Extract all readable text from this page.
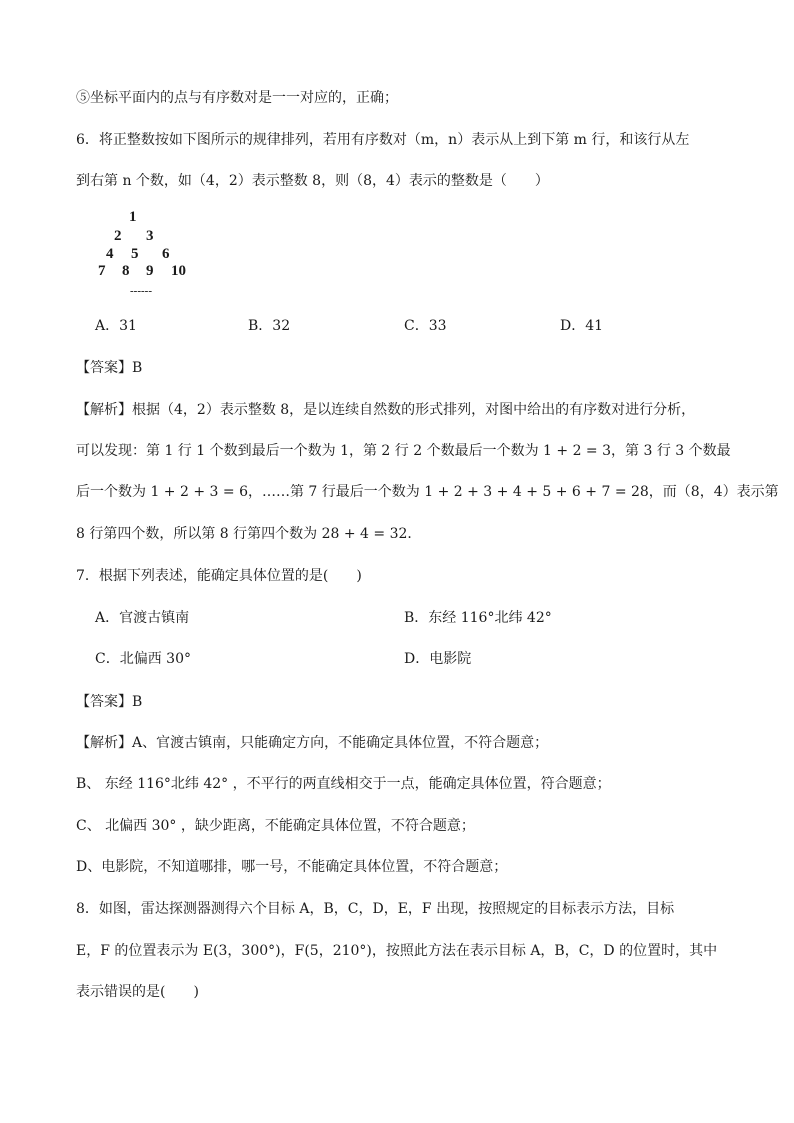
⑤坐标平面内的点与有序数对是一一对应的，正确；
6．将正整数按如下图所示的规律排列，若用有序数对（m，n）表示从上到下第 m 行，和该行从左
到右第 n 个数，如（4，2）表示整数 8，则（8，4）表示的整数是（　　）
1
2 3
4 5 6
7 8 9 10
------
A．31	B．32	C．33	D．41
【答案】B
【解析】根据（4，2）表示整数 8，是以连续自然数的形式排列，对图中给出的有序数对进行分析，
可以发现：第 1 行 1 个数到最后一个数为 1，第 2 行 2 个数最后一个数为 1 + 2 = 3，第 3 行 3 个数最
后一个数为 1 + 2 + 3 = 6，……第 7 行最后一个数为 1 + 2 + 3 + 4 + 5 + 6 + 7 = 28，而（8，4）表示第
8 行第四个数，所以第 8 行第四个数为 28 + 4 = 32．
7．根据下列表述，能确定具体位置的是(　　)
A．官渡古镇南	B．东经 116°北纬 42°
C．北偏西 30°	D．电影院
【答案】B
【解析】A、官渡古镇南，只能确定方向，不能确定具体位置，不符合题意；
B、 东经 116°北纬 42° ，不平行的两直线相交于一点，能确定具体位置，符合题意；
C、 北偏西 30° ，缺少距离，不能确定具体位置，不符合题意；
D、电影院，不知道哪排，哪一号，不能确定具体位置，不符合题意；
8．如图，雷达探测器测得六个目标 A，B，C，D，E，F 出现，按照规定的目标表示方法，目标
E，F 的位置表示为 E(3，300°)，F(5，210°)，按照此方法在表示目标 A，B，C，D 的位置时，其中
表示错误的是(　　)
